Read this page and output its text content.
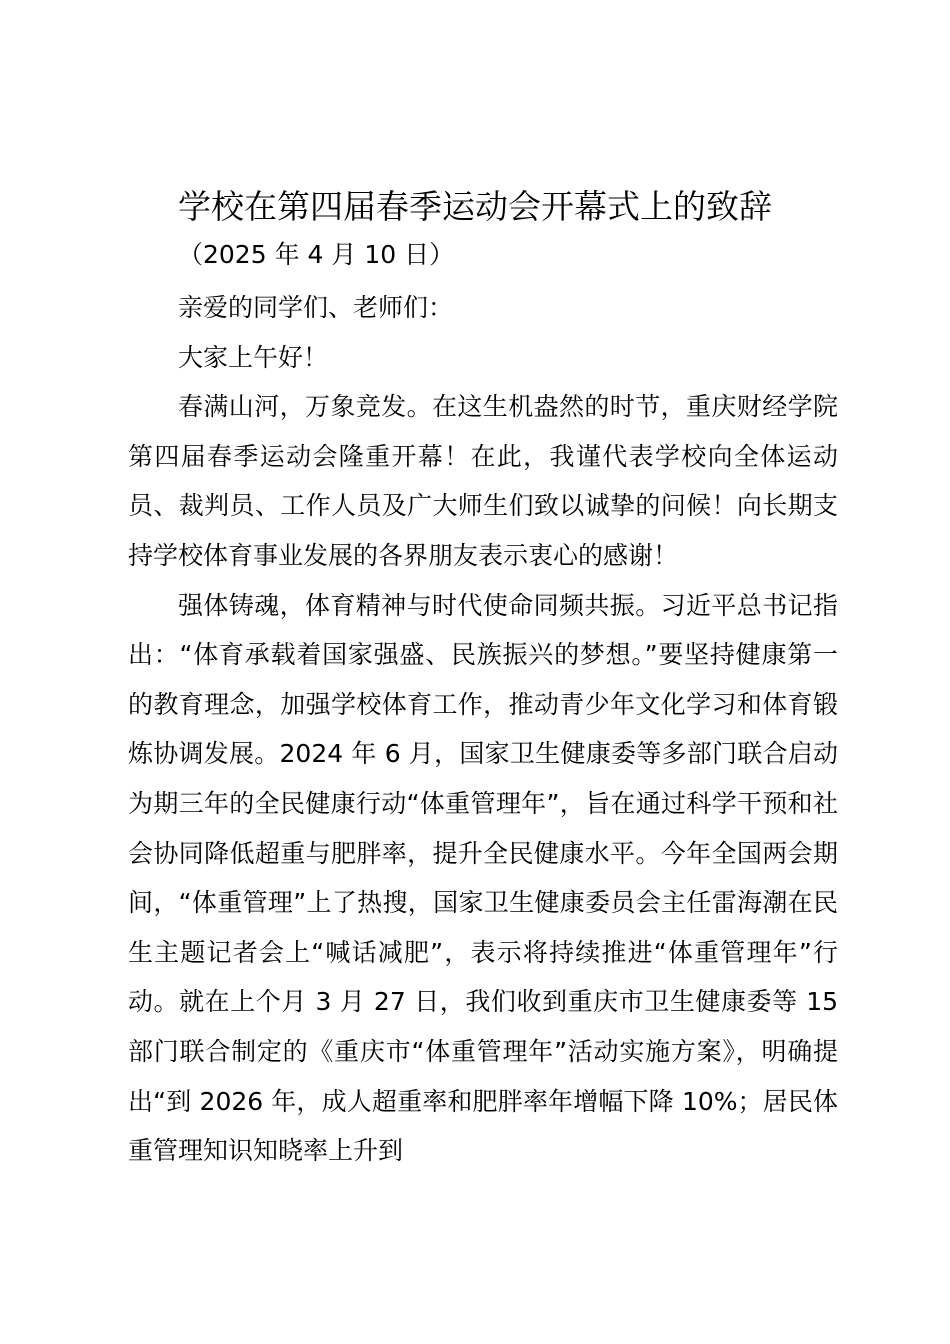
学校在第四届春季运动会开幕式上的致辞

（2025 年 4 月 10 日）

亲爱的同学们、老师们：

大家上午好！

春满山河，万象竞发。在这生机盎然的时节，重庆财经学院第四届春季运动会隆重开幕！在此，我谨代表学校向全体运动员、裁判员、工作人员及广大师生们致以诚挚的问候！向长期支持学校体育事业发展的各界朋友表示衷心的感谢！

强体铸魂，体育精神与时代使命同频共振。习近平总书记指出：“体育承载着国家强盛、民族振兴的梦想。”要坚持健康第一的教育理念，加强学校体育工作，推动青少年文化学习和体育锻炼协调发展。2024 年 6 月，国家卫生健康委等多部门联合启动为期三年的全民健康行动“体重管理年”，旨在通过科学干预和社会协同降低超重与肥胖率，提升全民健康水平。今年全国两会期间，“体重管理”上了热搜，国家卫生健康委员会主任雷海潮在民生主题记者会上“喊话减肥”，表示将持续推进“体重管理年”行动。就在上个月 3 月 27 日，我们收到重庆市卫生健康委等 15 部门联合制定的《重庆市“体重管理年”活动实施方案》，明确提出“到 2026 年，成人超重率和肥胖率年增幅下降 10%；居民体重管理知识知晓率上升到
